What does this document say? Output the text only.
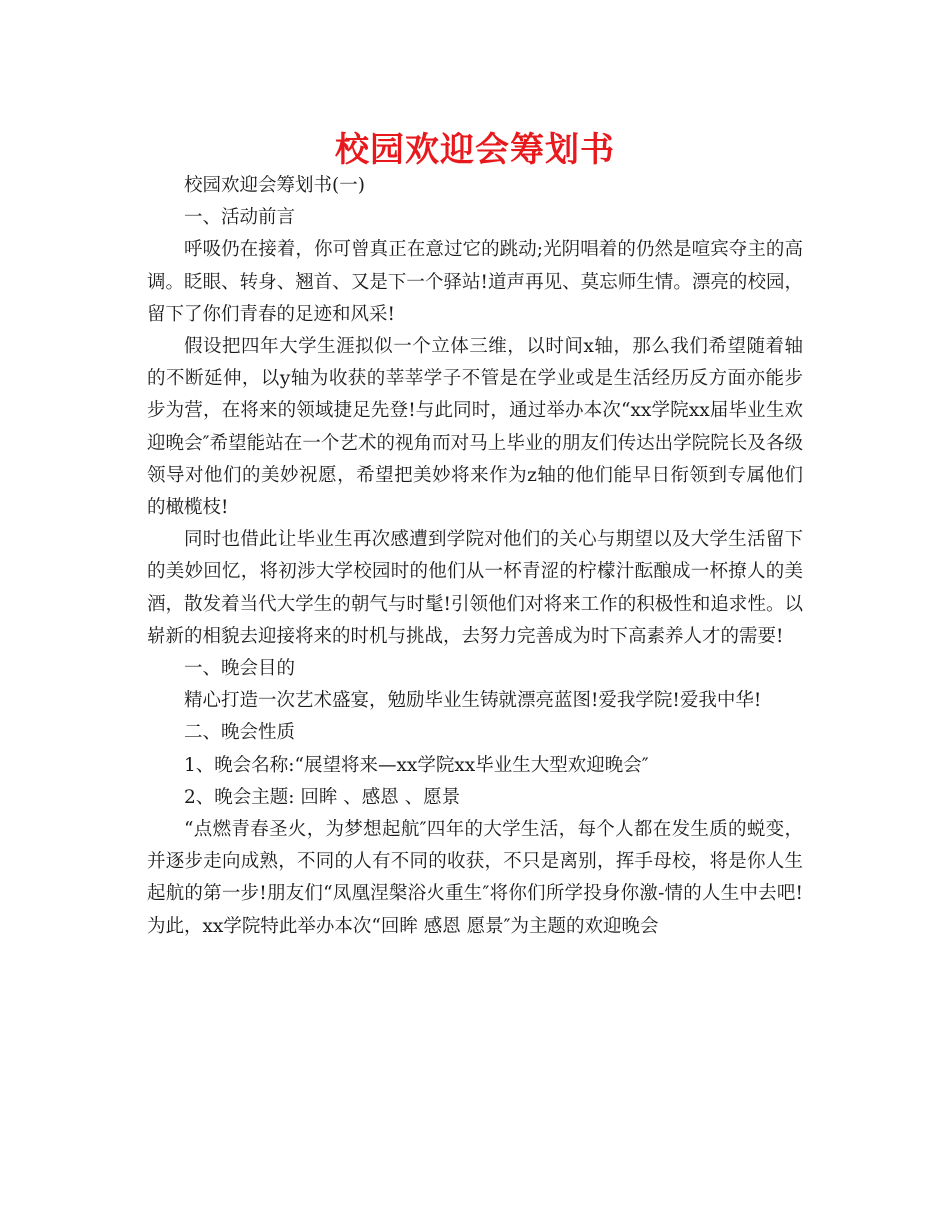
校园欢迎会筹划书

校园欢迎会筹划书(一)

一、活动前言

呼吸仍在接着，你可曾真正在意过它的跳动;光阴唱着的仍然是喧宾夺主的高调。眨眼、转身、翘首、又是下一个驿站!道声再见、莫忘师生情。漂亮的校园，留下了你们青春的足迹和风采!

假设把四年大学生涯拟似一个立体三维，以时间x轴，那么我们希望随着轴的不断延伸，以y轴为收获的莘莘学子不管是在学业或是生活经历反方面亦能步步为营，在将来的领域捷足先登!与此同时，通过举办本次“xx学院xx届毕业生欢迎晚会″希望能站在一个艺术的视角而对马上毕业的朋友们传达出学院院长及各级领导对他们的美妙祝愿，希望把美妙将来作为z轴的他们能早日衔领到专属他们的橄榄枝!

同时也借此让毕业生再次感遭到学院对他们的关心与期望以及大学生活留下的美妙回忆，将初涉大学校园时的他们从一杯青涩的柠檬汁酝酿成一杯撩人的美酒，散发着当代大学生的朝气与时髦!引领他们对将来工作的积极性和追求性。以崭新的相貌去迎接将来的时机与挑战，去努力完善成为时下高素养人才的需要!

一、晚会目的

精心打造一次艺术盛宴，勉励毕业生铸就漂亮蓝图!爱我学院!爱我中华!

二、晚会性质

1、晚会名称:“展望将来—xx学院xx毕业生大型欢迎晚会″

2、晚会主题: 回眸 、感恩 、愿景

“点燃青春圣火，为梦想起航″四年的大学生活，每个人都在发生质的蜕变，并逐步走向成熟，不同的人有不同的收获，不只是离别，挥手母校，将是你人生起航的第一步!朋友们“凤凰涅槃浴火重生″将你们所学投身你激-情的人生中去吧!为此，xx学院特此举办本次“回眸 感恩 愿景″为主题的欢迎晚会
